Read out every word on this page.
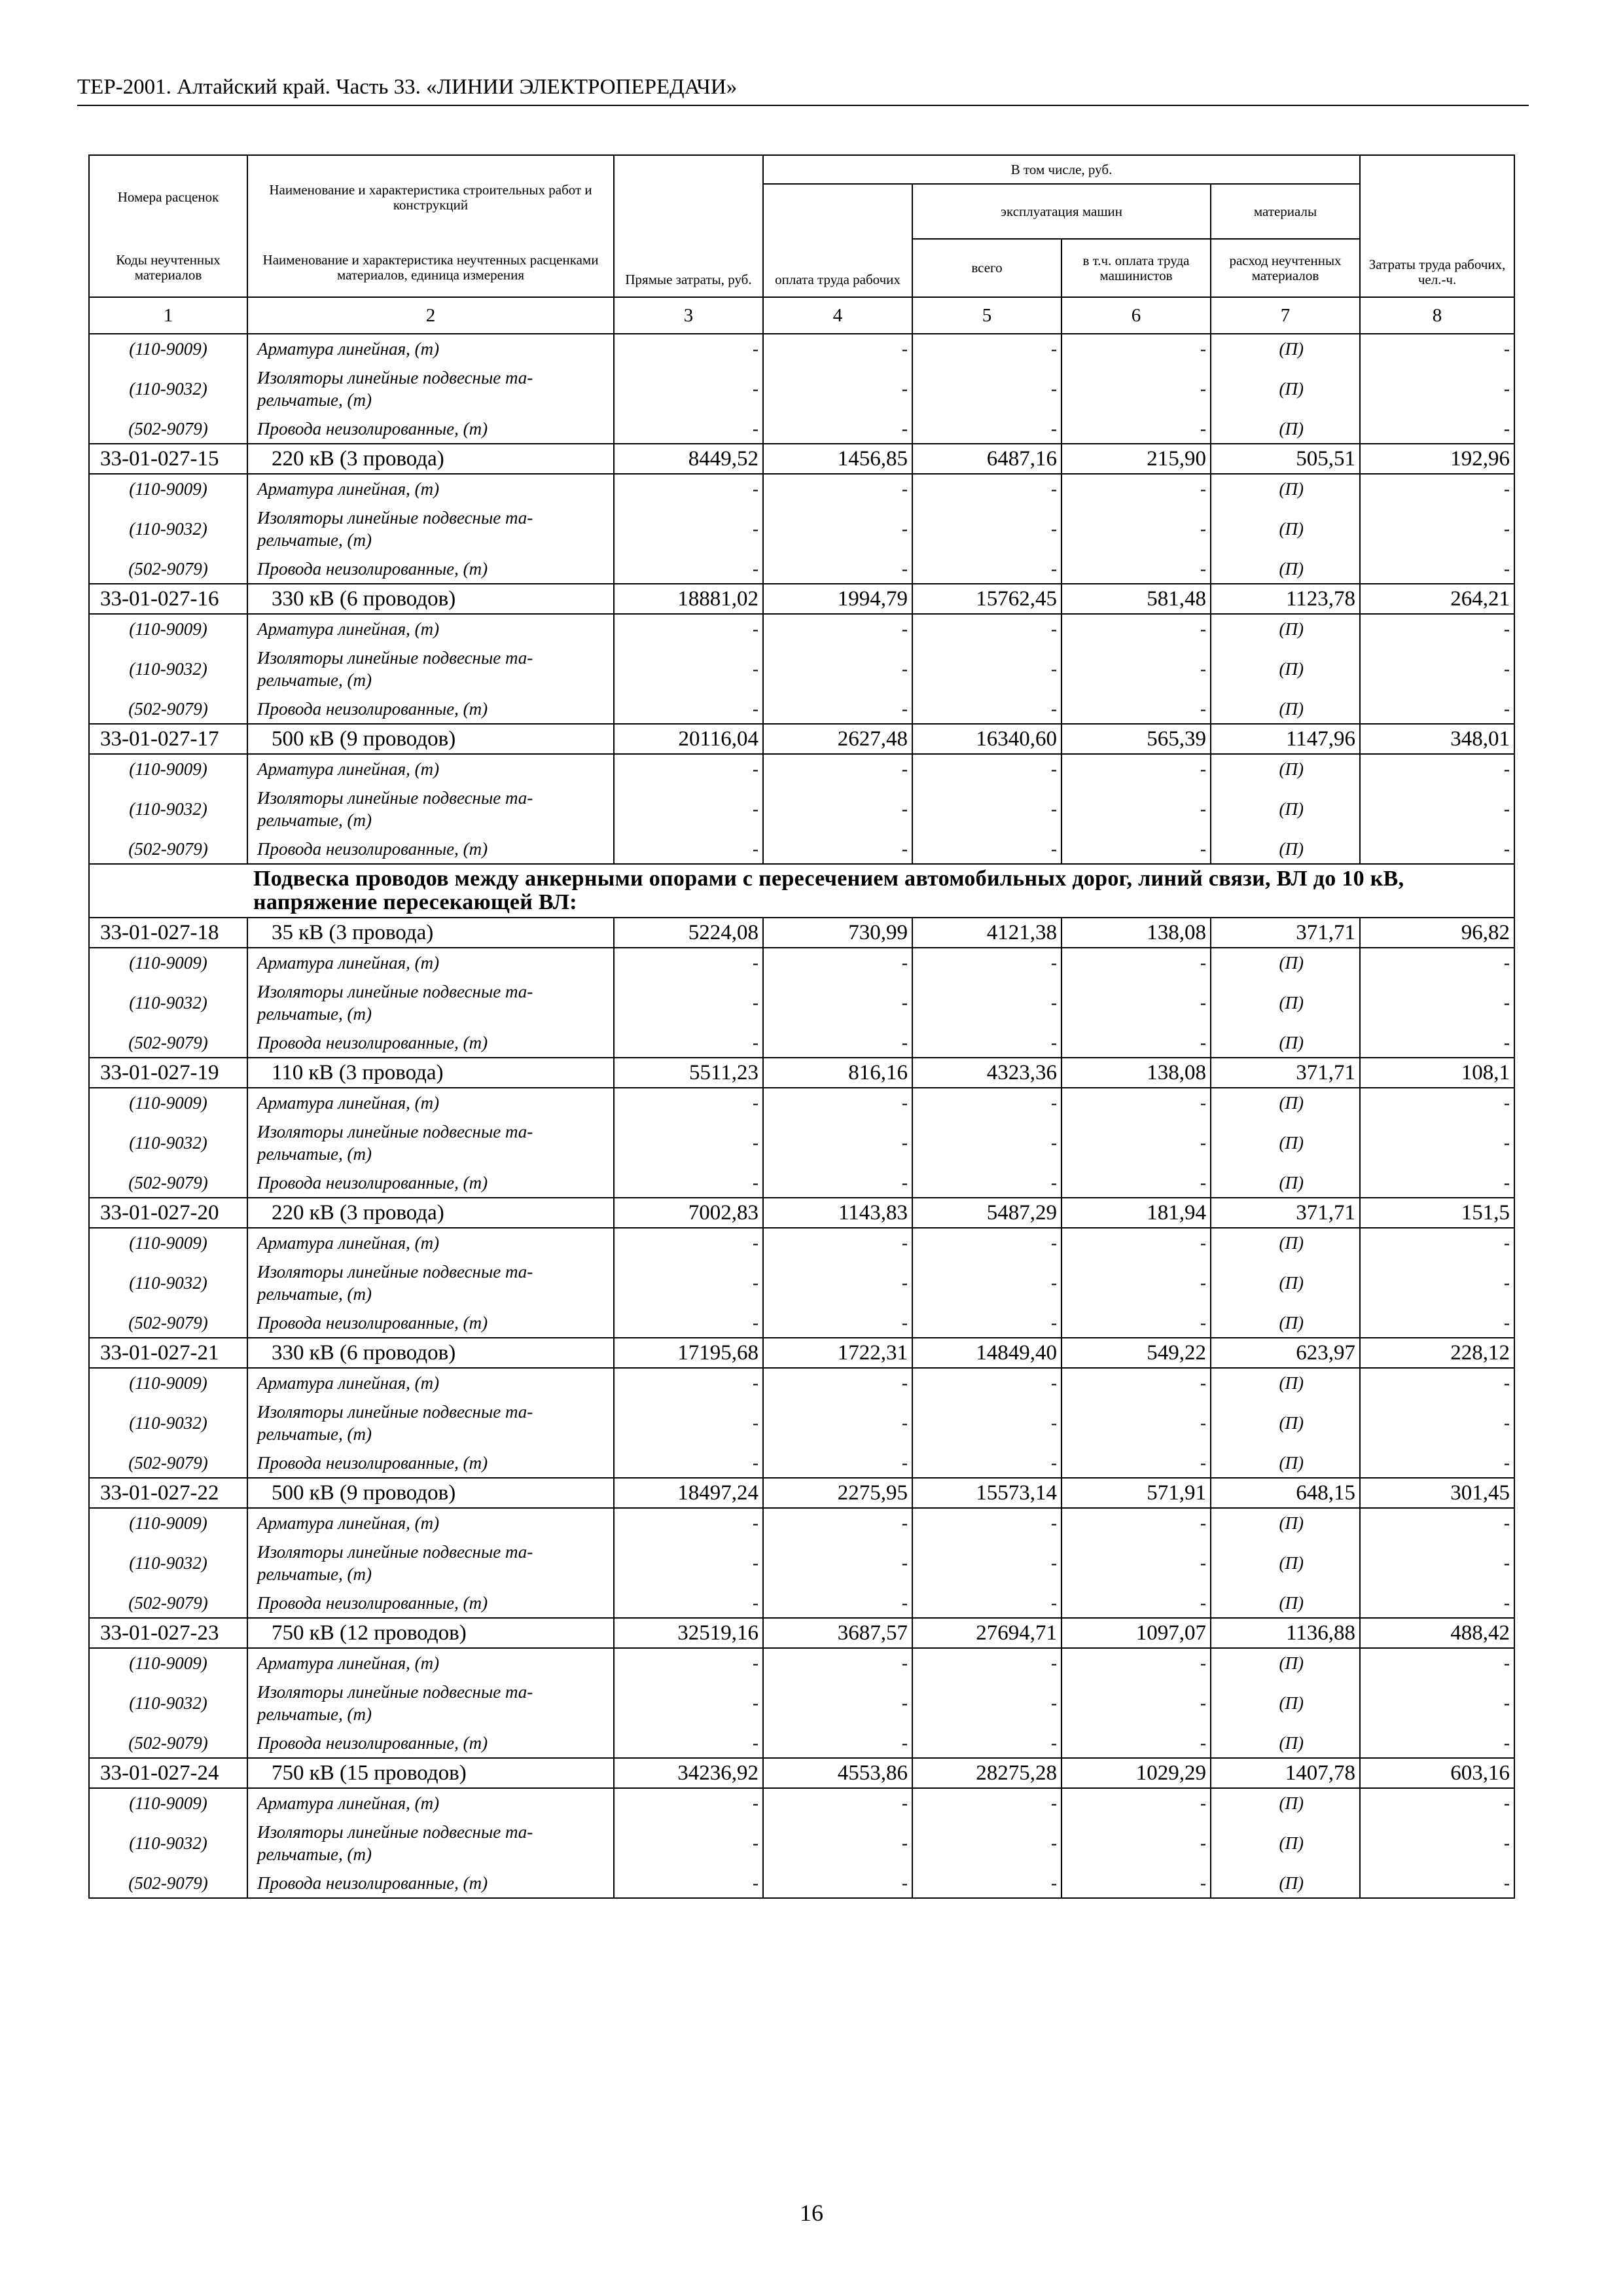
ТЕР-2001. Алтайский край. Часть 33. «ЛИНИИ ЭЛЕКТРОПЕРЕДАЧИ»
Номера расценок	Наименование и характеристика строительных работ и конструкций	Прямые затраты, руб.	В том числе, руб.				Затраты труда рабочих, чел.-ч.
			оплата труда рабочих	эксплуатация машин		материалы	
Коды неучтенных материалов	Наименование и характеристика неучтенных расценками материалов, единица измерения			всего	в т.ч. оплата труда машинистов	расход неучтенных материалов	
1	2	3	4	5	6	7	8
(110-9009)	Арматура линейная, (т)	-	-	-	-	(П)	-
(110-9032)	Изоляторы линейные подвесные та-рельчатые, (т)	-	-	-	-	(П)	-
(502-9079)	Провода неизолированные, (т)	-	-	-	-	(П)	-
33-01-027-15	220 кВ (3 провода)	8449,52	1456,85	6487,16	215,90	505,51	192,96
(110-9009)	Арматура линейная, (т)	-	-	-	-	(П)	-
(110-9032)	Изоляторы линейные подвесные та-рельчатые, (т)	-	-	-	-	(П)	-
(502-9079)	Провода неизолированные, (т)	-	-	-	-	(П)	-
33-01-027-16	330 кВ (6 проводов)	18881,02	1994,79	15762,45	581,48	1123,78	264,21
(110-9009)	Арматура линейная, (т)	-	-	-	-	(П)	-
(110-9032)	Изоляторы линейные подвесные та-рельчатые, (т)	-	-	-	-	(П)	-
(502-9079)	Провода неизолированные, (т)	-	-	-	-	(П)	-
33-01-027-17	500 кВ (9 проводов)	20116,04	2627,48	16340,60	565,39	1147,96	348,01
(110-9009)	Арматура линейная, (т)	-	-	-	-	(П)	-
(110-9032)	Изоляторы линейные подвесные та-рельчатые, (т)	-	-	-	-	(П)	-
(502-9079)	Провода неизолированные, (т)	-	-	-	-	(П)	-
Подвеска проводов между анкерными опорами с пересечением автомобильных дорог, линий связи, ВЛ до 10 кВ, напряжение пересекающей ВЛ:							
33-01-027-18	35 кВ (3 провода)	5224,08	730,99	4121,38	138,08	371,71	96,82
(110-9009)	Арматура линейная, (т)	-	-	-	-	(П)	-
(110-9032)	Изоляторы линейные подвесные та-рельчатые, (т)	-	-	-	-	(П)	-
(502-9079)	Провода неизолированные, (т)	-	-	-	-	(П)	-
33-01-027-19	110 кВ (3 провода)	5511,23	816,16	4323,36	138,08	371,71	108,1
(110-9009)	Арматура линейная, (т)	-	-	-	-	(П)	-
(110-9032)	Изоляторы линейные подвесные та-рельчатые, (т)	-	-	-	-	(П)	-
(502-9079)	Провода неизолированные, (т)	-	-	-	-	(П)	-
33-01-027-20	220 кВ (3 провода)	7002,83	1143,83	5487,29	181,94	371,71	151,5
(110-9009)	Арматура линейная, (т)	-	-	-	-	(П)	-
(110-9032)	Изоляторы линейные подвесные та-рельчатые, (т)	-	-	-	-	(П)	-
(502-9079)	Провода неизолированные, (т)	-	-	-	-	(П)	-
33-01-027-21	330 кВ (6 проводов)	17195,68	1722,31	14849,40	549,22	623,97	228,12
(110-9009)	Арматура линейная, (т)	-	-	-	-	(П)	-
(110-9032)	Изоляторы линейные подвесные та-рельчатые, (т)	-	-	-	-	(П)	-
(502-9079)	Провода неизолированные, (т)	-	-	-	-	(П)	-
33-01-027-22	500 кВ (9 проводов)	18497,24	2275,95	15573,14	571,91	648,15	301,45
(110-9009)	Арматура линейная, (т)	-	-	-	-	(П)	-
(110-9032)	Изоляторы линейные подвесные та-рельчатые, (т)	-	-	-	-	(П)	-
(502-9079)	Провода неизолированные, (т)	-	-	-	-	(П)	-
33-01-027-23	750 кВ (12 проводов)	32519,16	3687,57	27694,71	1097,07	1136,88	488,42
(110-9009)	Арматура линейная, (т)	-	-	-	-	(П)	-
(110-9032)	Изоляторы линейные подвесные та-рельчатые, (т)	-	-	-	-	(П)	-
(502-9079)	Провода неизолированные, (т)	-	-	-	-	(П)	-
33-01-027-24	750 кВ (15 проводов)	34236,92	4553,86	28275,28	1029,29	1407,78	603,16
(110-9009)	Арматура линейная, (т)	-	-	-	-	(П)	-
(110-9032)	Изоляторы линейные подвесные та-рельчатые, (т)	-	-	-	-	(П)	-
(502-9079)	Провода неизолированные, (т)	-	-	-	-	(П)	-
16
